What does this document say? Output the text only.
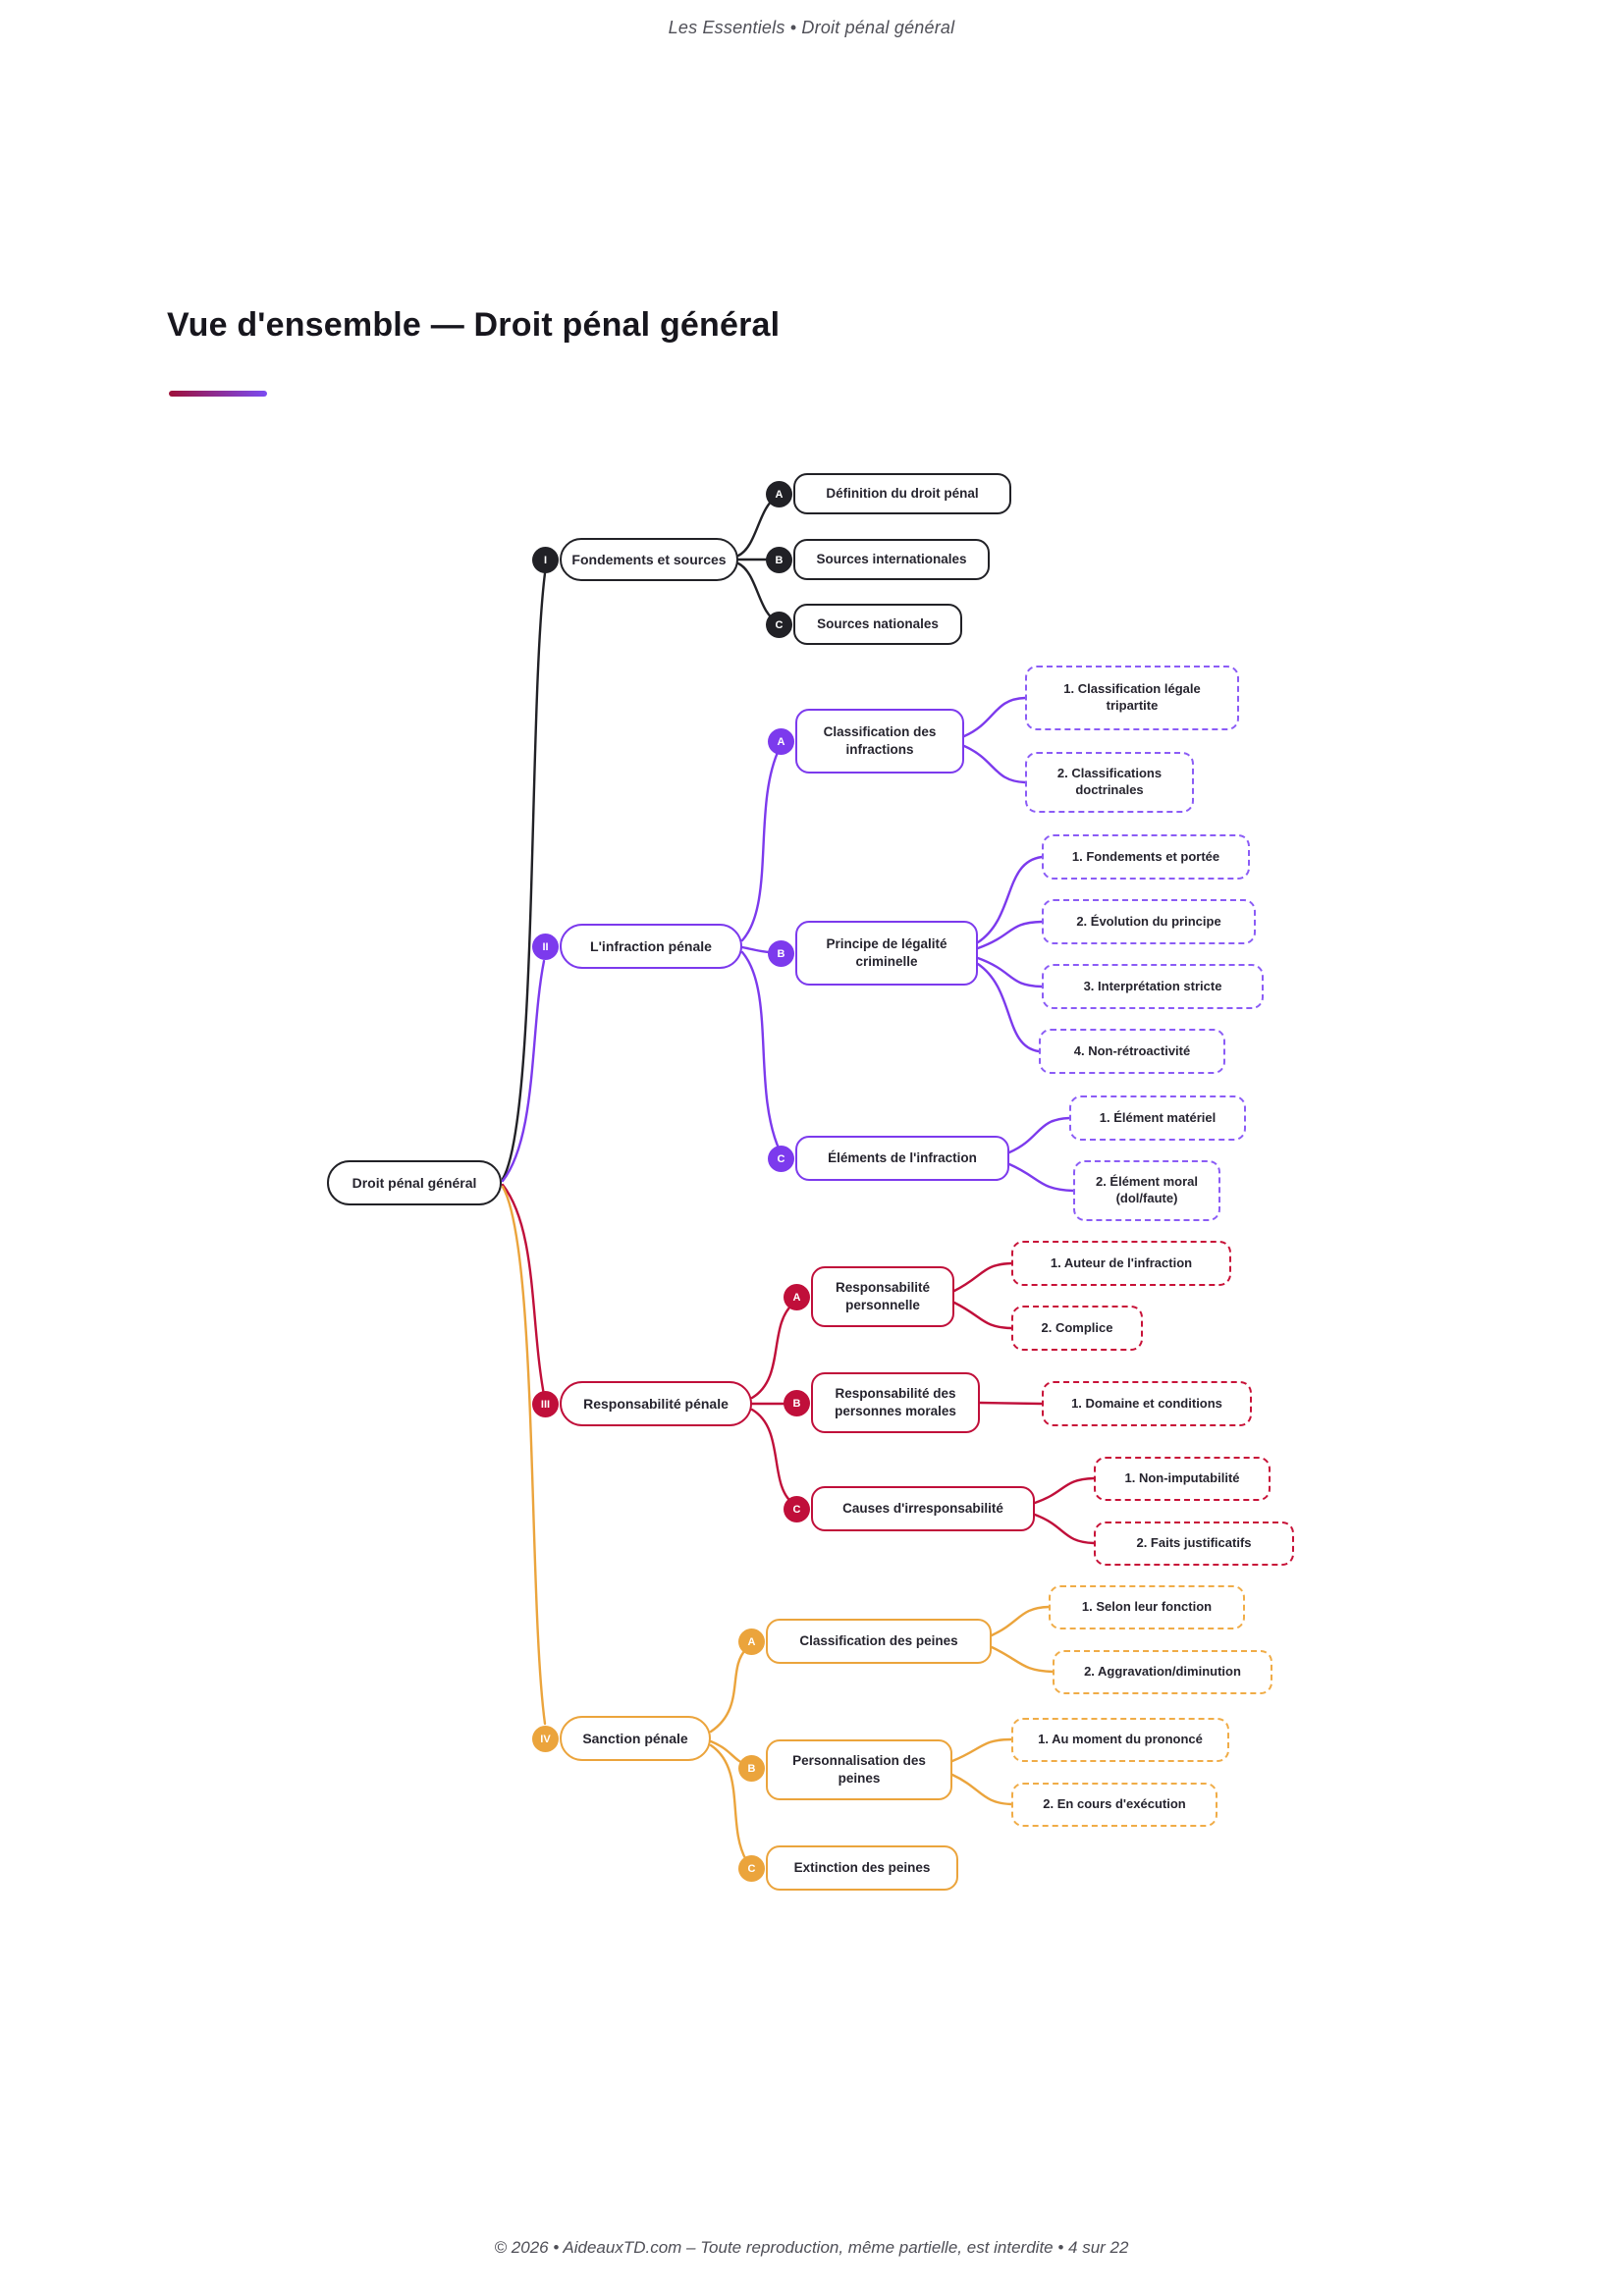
Les Essentiels • Droit pénal général
Vue d'ensemble — Droit pénal général
Droit pénal général
I	Fondements et sources
A	Définition du droit pénal
B	Sources internationales
C	Sources nationales
II	L'infraction pénale
A
Classification des infractions
1. Classification légale tripartite
2. Classifications doctrinales
B
Principe de légalité criminelle
1. Fondements et portée
2. Évolution du principe
3. Interprétation stricte
4. Non-rétroactivité
C	Éléments de l'infraction
1. Élément matériel
2. Élément moral (dol/faute)
III	Responsabilité pénale
A
Responsabilité personnelle
1. Auteur de l'infraction
2. Complice
B
Responsabilité des personnes morales
1. Domaine et conditions
C	Causes d'irresponsabilité
1. Non-imputabilité
2. Faits justificatifs
IV	Sanction pénale
A	Classification des peines
1. Selon leur fonction
2. Aggravation/diminution
B
Personnalisation des peines
1. Au moment du prononcé
2. En cours d'exécution
C	Extinction des peines
© 2026 • AideauxTD.com – Toute reproduction, même partielle, est interdite • 4 sur 22
